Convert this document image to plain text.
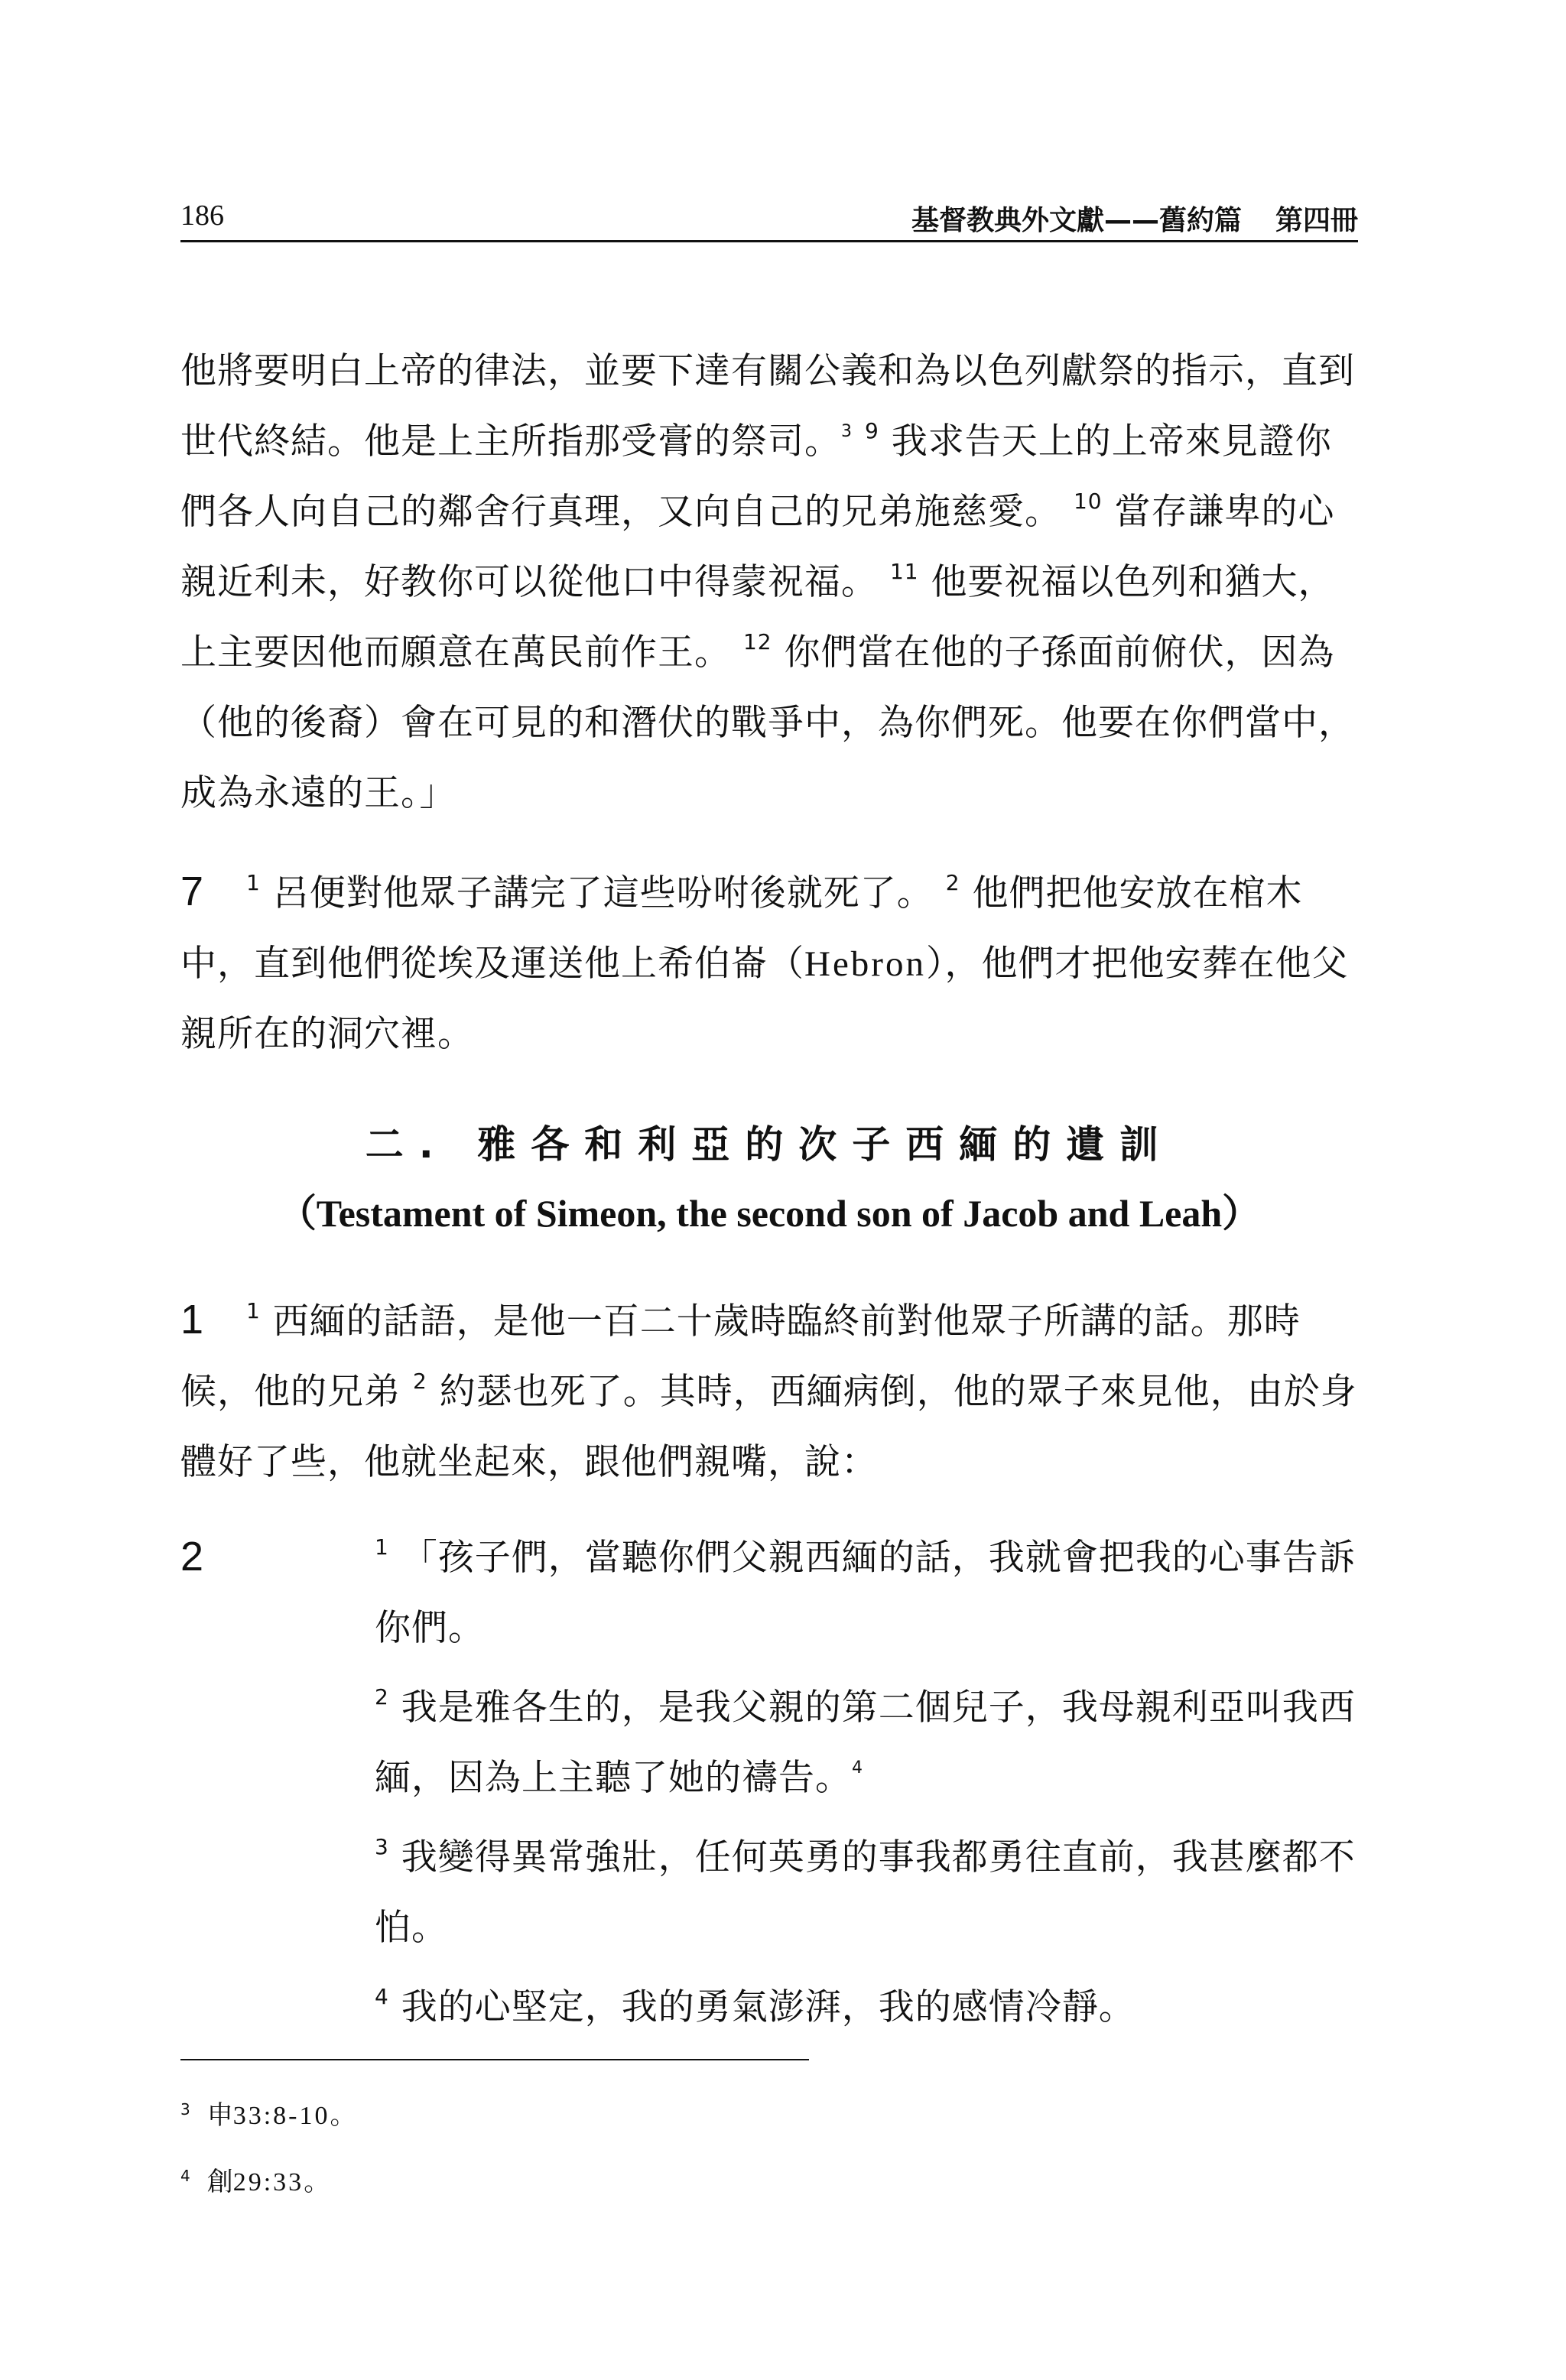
186	基督教典外文獻——舊約篇 第四冊

他將要明白上帝的律法，並要下達有關公義和為以色列獻祭的指示，直到世代終結。他是上主所指那受膏的祭司。$^3$ $^9$ 我求告天上的上帝來見證你們各人向自己的鄰舍行真理，又向自己的兄弟施慈愛。 $^{10}$ 當存謙卑的心親近利未，好教你可以從他口中得蒙祝福。 $^{11}$ 他要祝福以色列和猶大，上主要因他而願意在萬民前作王。 $^{12}$ 你們當在他的子孫面前俯伏，因為（他的後裔）會在可見的和潛伏的戰爭中，為你們死。他要在你們當中，成為永遠的王。」

7 $^1$ 呂便對他眾子講完了這些吩咐後就死了。 $^2$ 他們把他安放在棺木中，直到他們從埃及運送他上希伯崙（Hebron），他們才把他安葬在他父親所在的洞穴裡。

二. 雅各和利亞的次子西緬的遺訓
（Testament of Simeon, the second son of Jacob and Leah）

1 $^1$ 西緬的話語，是他一百二十歲時臨終前對他眾子所講的話。那時候，他的兄弟 $^2$ 約瑟也死了。其時，西緬病倒，他的眾子來見他，由於身體好了些，他就坐起來，跟他們親嘴，說：

2	$^1$ 「孩子們，當聽你們父親西緬的話，我就會把我的心事告訴你們。

$^2$ 我是雅各生的，是我父親的第二個兒子，我母親利亞叫我西緬，因為上主聽了她的禱告。$^4$

$^3$ 我變得異常強壯，任何英勇的事我都勇往直前，我甚麼都不怕。

$^4$ 我的心堅定，我的勇氣澎湃，我的感情冷靜。

$^3$ 申33:8-10。
$^4$ 創29:33。
